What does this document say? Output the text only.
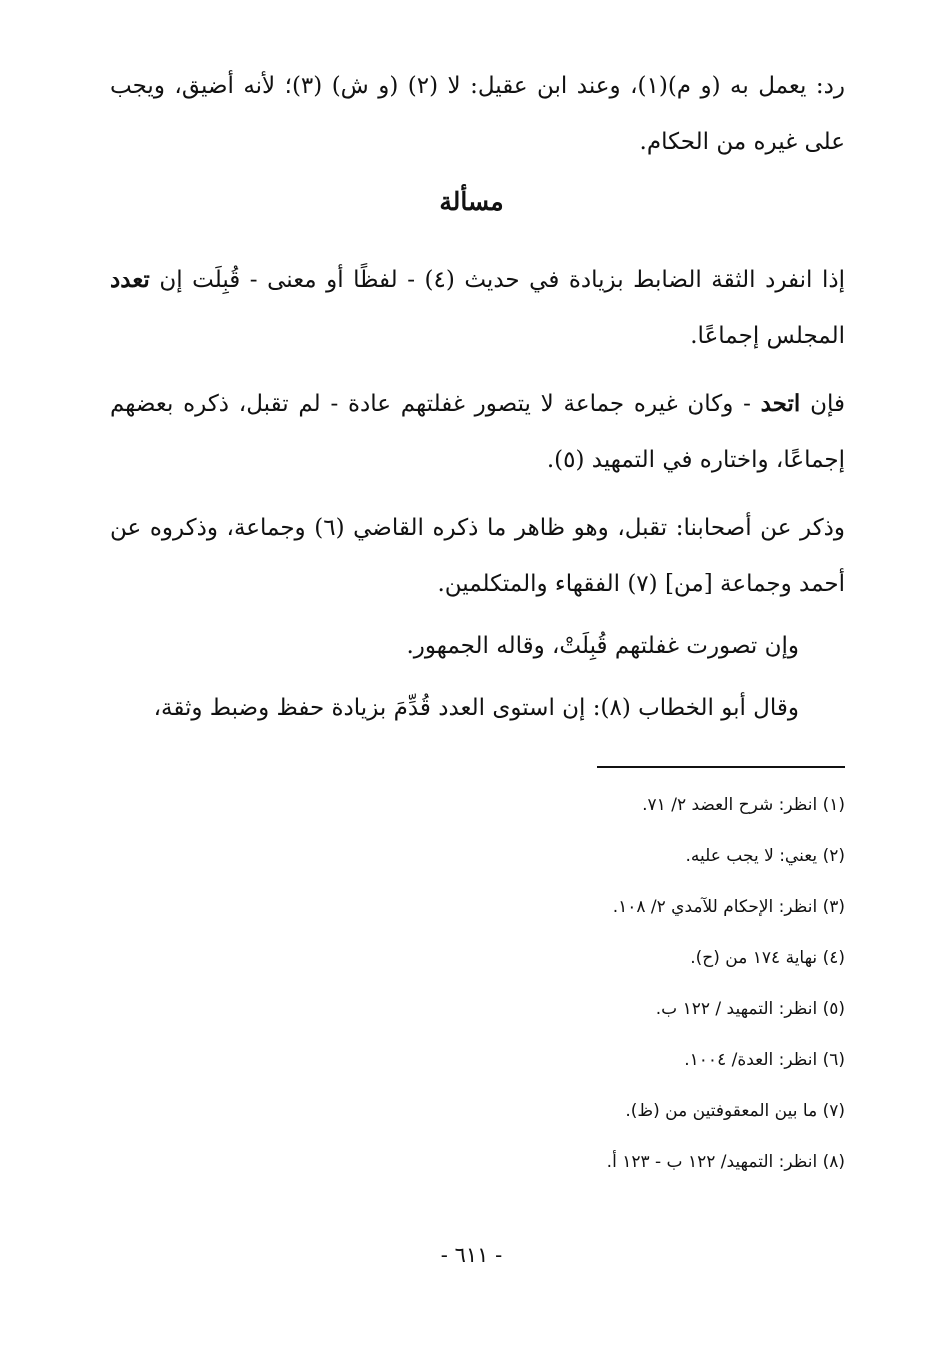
رد: يعمل به (و م)(١)، وعند ابن عقيل: لا (٢) (و ش) (٣)؛ لأنه أضيق، ويجب على غيره من الحكام.

مسألة

إذا انفرد الثقة الضابط بزيادة في حديث (٤) - لفظًا أو معنى - قُبِلَت إن تعدد المجلس إجماعًا.

فإن اتحد - وكان غيره جماعة لا يتصور غفلتهم عادة - لم تقبل، ذكره بعضهم إجماعًا، واختاره في التمهيد (٥).

وذكر عن أصحابنا: تقبل، وهو ظاهر ما ذكره القاضي (٦) وجماعة، وذكروه عن أحمد وجماعة [من] (٧) الفقهاء والمتكلمين.

وإن تصورت غفلتهم قُبِلَتْ، وقاله الجمهور.

وقال أبو الخطاب (٨): إن استوى العدد قُدِّمَ بزيادة حفظ وضبط وثقة،

(١) انظر: شرح العضد ٢/ ٧١.
(٢) يعني: لا يجب عليه.
(٣) انظر: الإحكام للآمدي ٢/ ١٠٨.
(٤) نهاية ١٧٤ من (ح).
(٥) انظر: التمهيد / ١٢٢ ب.
(٦) انظر: العدة/ ١٠٠٤.
(٧) ما بين المعقوفتين من (ظ).
(٨) انظر: التمهيد/ ١٢٢ ب - ١٢٣ أ.
- ٦١١ -
